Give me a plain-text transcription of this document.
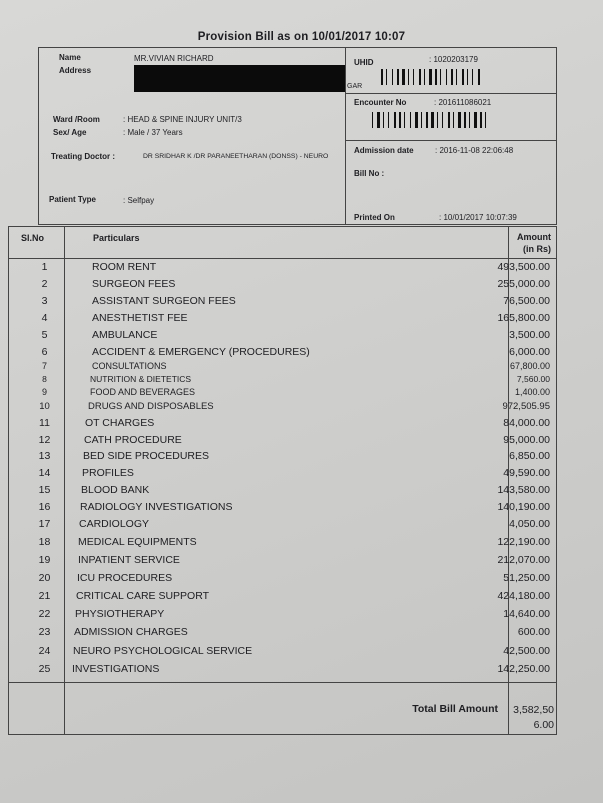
Provision Bill as on 10/01/2017 10:07
Name
Address
MR.VIVIAN RICHARD
GAR
UHID	: 1020203179
Encounter No	: 201611086021
Ward /Room	: HEAD & SPINE INJURY UNIT/3
Sex/ Age	: Male / 37 Years
Treating Doctor :	DR SRIDHAR K /DR PARANEETHARAN (DONSS) - NEURO
Admission date	: 2016-11-08 22:06:48
Bill No :
Patient Type	: Selfpay
Printed On	: 10/01/2017 10:07:39
Sl.No	Particulars	Amount
(in Rs)
1	ROOM RENT	493,500.00
2	SURGEON FEES	255,000.00
3	ASSISTANT SURGEON FEES	76,500.00
4	ANESTHETIST FEE	165,800.00
5	AMBULANCE	3,500.00
6	ACCIDENT & EMERGENCY (PROCEDURES)	6,000.00
7	CONSULTATIONS	67,800.00
8	NUTRITION & DIETETICS	7,560.00
9	FOOD AND BEVERAGES	1,400.00
10	DRUGS AND DISPOSABLES	972,505.95
11	OT CHARGES	84,000.00
12	CATH PROCEDURE	95,000.00
13	BED SIDE PROCEDURES	6,850.00
14	PROFILES	49,590.00
15	BLOOD BANK	143,580.00
16	RADIOLOGY INVESTIGATIONS	140,190.00
17	CARDIOLOGY	4,050.00
18	MEDICAL EQUIPMENTS	122,190.00
19	INPATIENT SERVICE	212,070.00
20	ICU PROCEDURES	51,250.00
21	CRITICAL CARE SUPPORT	424,180.00
22	PHYSIOTHERAPY	14,640.00
23	ADMISSION CHARGES	600.00
24	NEURO PSYCHOLOGICAL SERVICE	42,500.00
25	INVESTIGATIONS	142,250.00
Total Bill Amount 3,582,506.00
